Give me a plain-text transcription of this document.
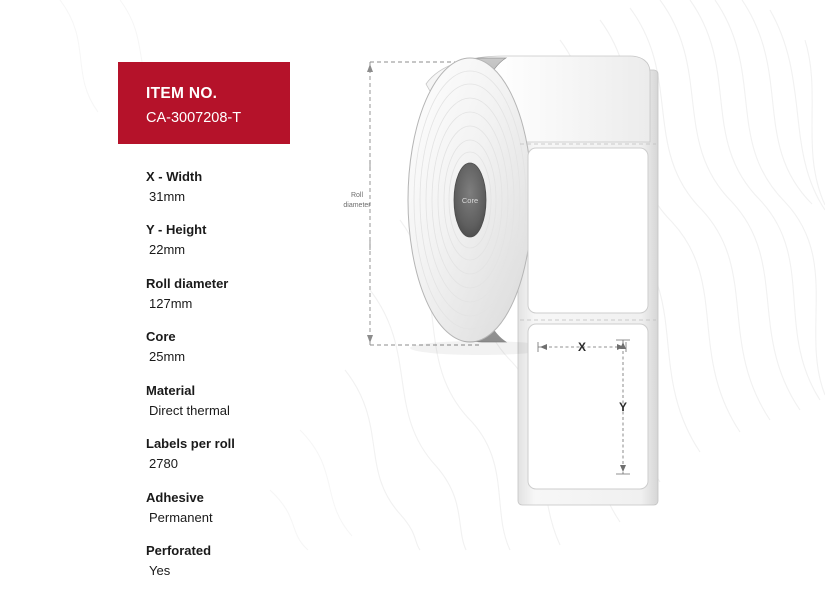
ITEM NO.
CA-3007208-T
X - Width
31mm
Y - Height
22mm
Roll diameter
127mm
Core
25mm
Material
Direct thermal
Labels per roll
2780
Adhesive
Permanent
Perforated
Yes
Roll
diameter
Core
X
Y
